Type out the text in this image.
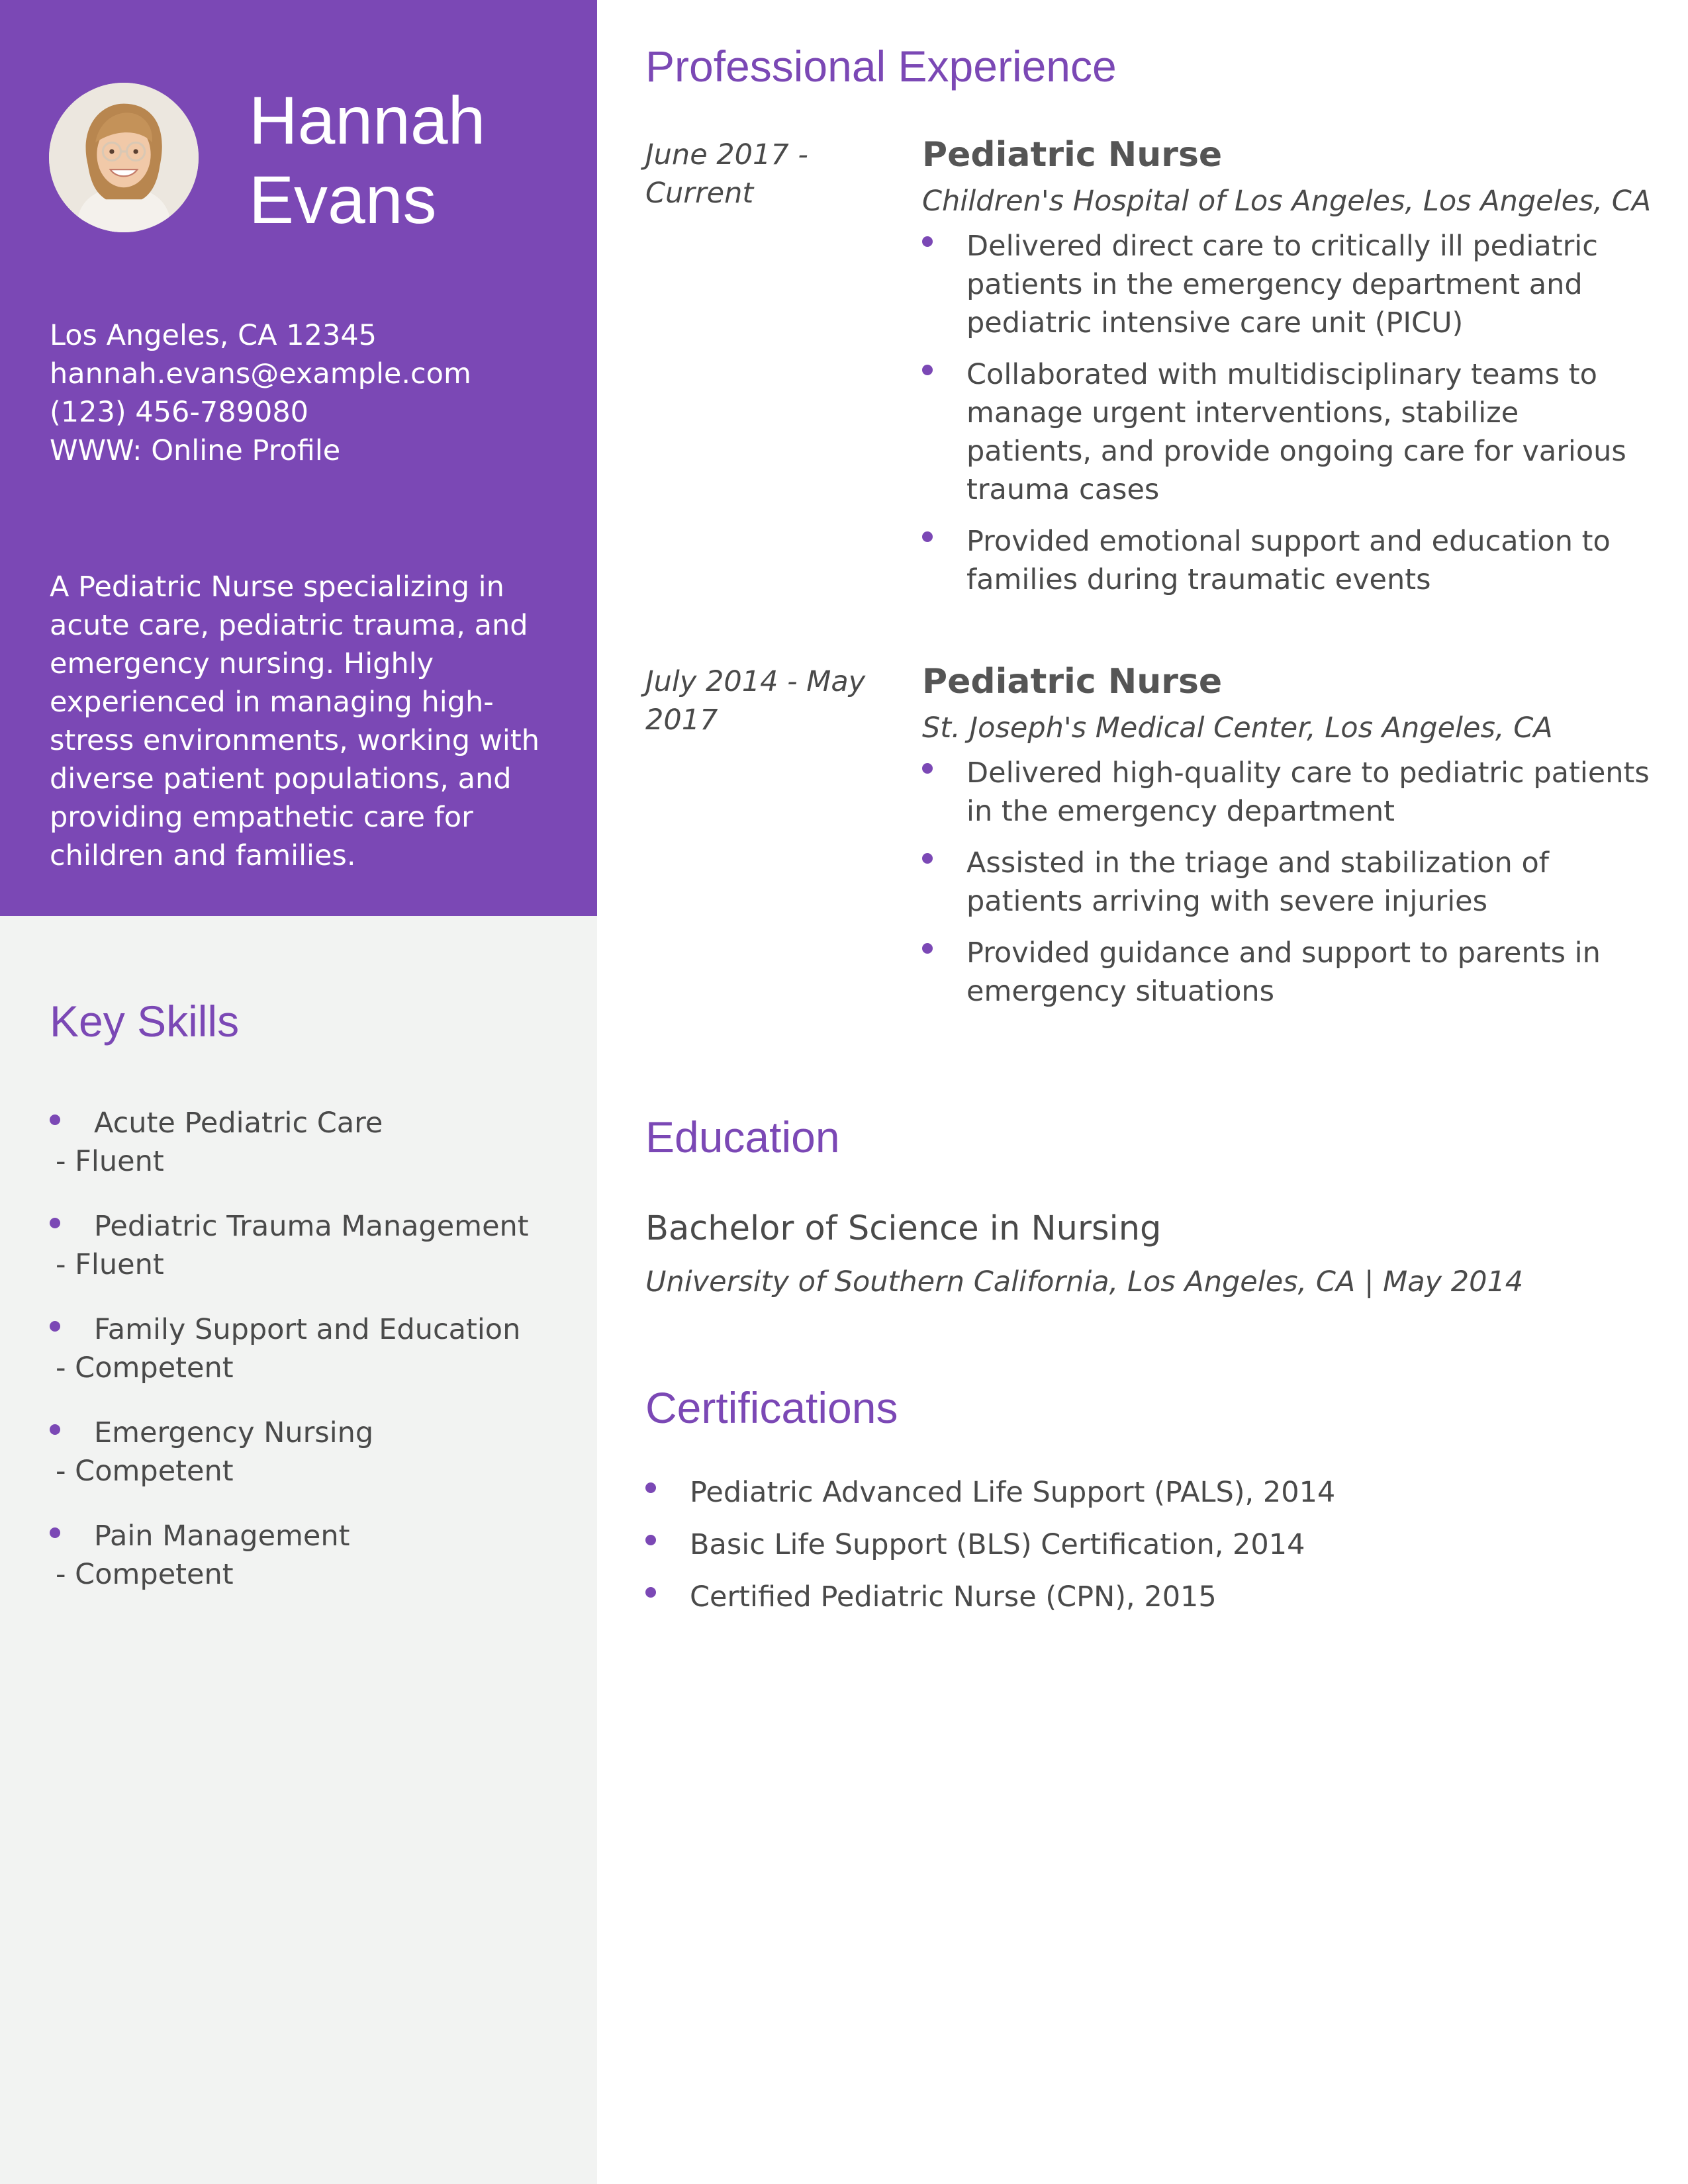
Hannah
Evans
Los Angeles, CA 12345
hannah.evans@example.com
(123) 456-789080
WWW: Online Profile
A Pediatric Nurse specializing in acute care, pediatric trauma, and emergency nursing. Highly experienced in managing high-stress environments, working with diverse patient populations, and providing empathetic care for children and families.
Key Skills
Acute Pediatric Care
- Fluent
Pediatric Trauma Management
- Fluent
Family Support and Education
- Competent
Emergency Nursing
- Competent
Pain Management
- Competent
Professional Experience
June 2017 - Current
Pediatric Nurse
Children's Hospital of Los Angeles, Los Angeles, CA
Delivered direct care to critically ill pediatric patients in the emergency department and pediatric intensive care unit (PICU)
Collaborated with multidisciplinary teams to manage urgent interventions, stabilize patients, and provide ongoing care for various trauma cases
Provided emotional support and education to families during traumatic events
July 2014 - May 2017
Pediatric Nurse
St. Joseph's Medical Center, Los Angeles, CA
Delivered high-quality care to pediatric patients in the emergency department
Assisted in the triage and stabilization of patients arriving with severe injuries
Provided guidance and support to parents in emergency situations
Education
Bachelor of Science in Nursing
University of Southern California, Los Angeles, CA | May 2014
Certifications
Pediatric Advanced Life Support (PALS), 2014
Basic Life Support (BLS) Certification, 2014
Certified Pediatric Nurse (CPN), 2015
